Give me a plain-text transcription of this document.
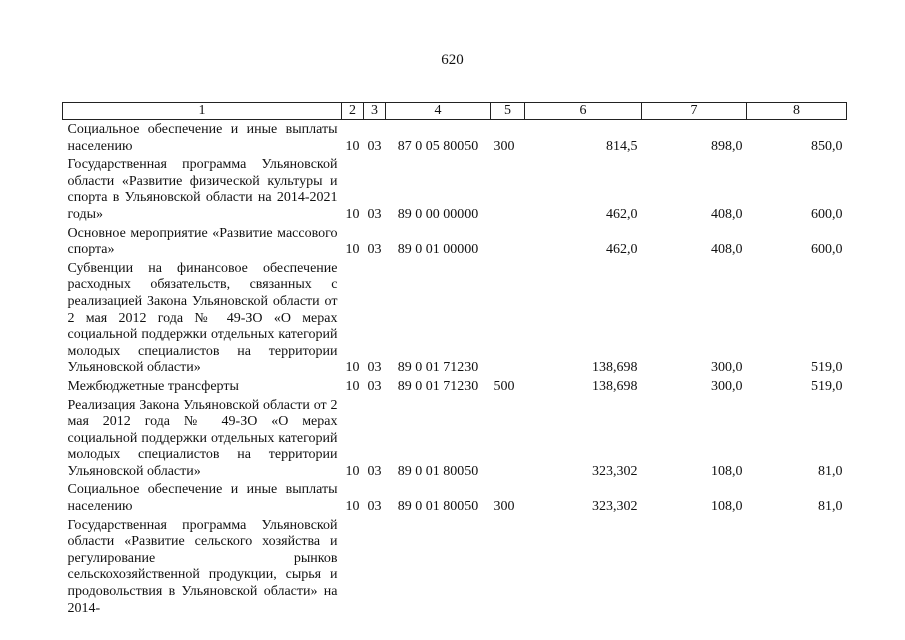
620
1	2	3	4	5	6	7	8
Социальное обеспечение и иные выплаты населению	10	03	87 0 05 80050	300	814,5	898,0	850,0
Государственная программа Ульяновской области «Развитие физической культуры и спорта в Ульяновской области на 2014-2021 годы»	10	03	89 0 00 00000		462,0	408,0	600,0
Основное мероприятие «Развитие массового спорта»	10	03	89 0 01 00000		462,0	408,0	600,0
Субвенции на финансовое обеспечение расходных обязательств, связанных с реализацией Закона Ульяновской области от 2 мая 2012 года № 49-ЗО «О мерах социальной поддержки отдельных категорий молодых специалистов на территории Ульяновской области»	10	03	89 0 01 71230		138,698	300,0	519,0
Межбюджетные трансферты	10	03	89 0 01 71230	500	138,698	300,0	519,0
Реализация Закона Ульяновской области от 2 мая 2012 года № 49-ЗО «О мерах социальной поддержки отдельных категорий молодых специалистов на территории Ульяновской области»	10	03	89 0 01 80050		323,302	108,0	81,0
Социальное обеспечение и иные выплаты населению	10	03	89 0 01 80050	300	323,302	108,0	81,0
Государственная программа Ульяновской области «Развитие сельского хозяйства и регулирование рынков сельскохозяйственной продукции, сырья и продовольствия в Ульяновской области» на 2014-							
